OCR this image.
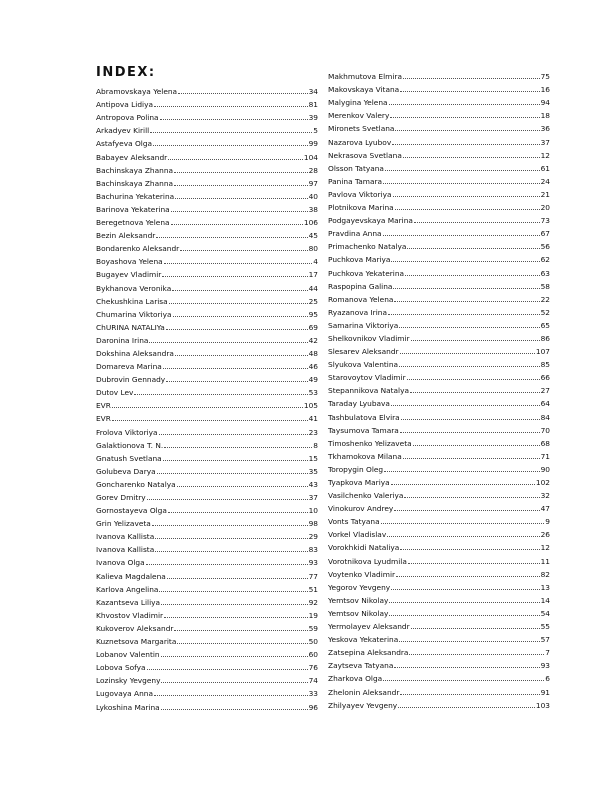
INDEX:
Abramovskaya Yelena	34
Antipova Lidiya	81
Antropova Polina	39
Arkadyev Kirill	5
Astafyeva Olga	99
Babayev Aleksandr	104
Bachinskaya Zhanna	28
Bachinskaya Zhanna	97
Bachurina Yekaterina	40
Barinova Yekaterina	38
Beregetnova Yelena	106
Bezin Aleksandr	45
Bondarenko Aleksandr	80
Boyashova Yelena	4
Bugayev Vladimir	17
Bykhanova Veronika	44
Chekushkina Larisa	25
Chumarina Viktoriya	95
ChURINA NATALIYa	69
Daronina Irina	42
Dokshina Aleksandra	48
Domareva Marina	46
Dubrovin Gennady	49
Dutov Lev	53
EVR	105
EVR	41
Frolova Viktoriya	23
Galaktionova T. N.	8
Gnatush Svetlana	15
Golubeva Darya	35
Goncharenko Natalya	43
Gorev Dmitry	37
Gornostayeva Olga	10
Grin Yelizaveta	98
Ivanova Kallista	29
Ivanova Kallista	83
Ivanova Olga	93
Kalieva Magdalena	77
Karlova Angelina	51
Kazantseva Liliya	92
Khvostov Vladimir	19
Kukoverov Aleksandr	59
Kuznetsova Margarita	50
Lobanov Valentin	60
Lobova Sofya	76
Lozinsky Yevgeny	74
Lugovaya Anna	33
Lykoshina Marina	96
Makhmutova Elmira	75
Makovskaya Vitana	16
Malygina Yelena	94
Merenkov Valery	18
Mironets Svetlana	36
Nazarova Lyubov	37
Nekrasova Svetlana	12
Olsson Tatyana	61
Panina Tamara	24
Pavlova Viktoriya	21
Plotnikova Marina	20
Podgayevskaya Marina	73
Pravdina Anna	67
Primachenko Natalya	56
Puchkova Mariya	62
Puchkova Yekaterina	63
Raspopina Galina	58
Romanova Yelena	22
Ryazanova Irina	52
Samarina Viktoriya	65
Shelkovnikov Vladimir	86
Slesarev Aleksandr	107
Slyukova Valentina	85
Starovoytov Vladimir	66
Stepannikova Natalya	27
Taraday Lyubava	64
Tashbulatova Elvira	84
Taysumova Tamara	70
Timoshenko Yelizaveta	68
Tkhamokova Milana	71
Toropygin Oleg	90
Tyapkova Mariya	102
Vasilchenko Valeriya	32
Vinokurov Andrey	47
Vonts Tatyana	9
Vorkel Vladislav	26
Vorokhkidi Nataliya	12
Vorotnikova Lyudmila	11
Voytenko Vladimir	82
Yegorov Yevgeny	13
Yemtsov Nikolay	14
Yemtsov Nikolay	54
Yermolayev Aleksandr	55
Yeskova Yekaterina	57
Zatsepina Aleksandra	7
Zaytseva Tatyana	93
Zharkova Olga	6
Zhelonin Aleksandr	91
Zhilyayev Yevgeny	103
